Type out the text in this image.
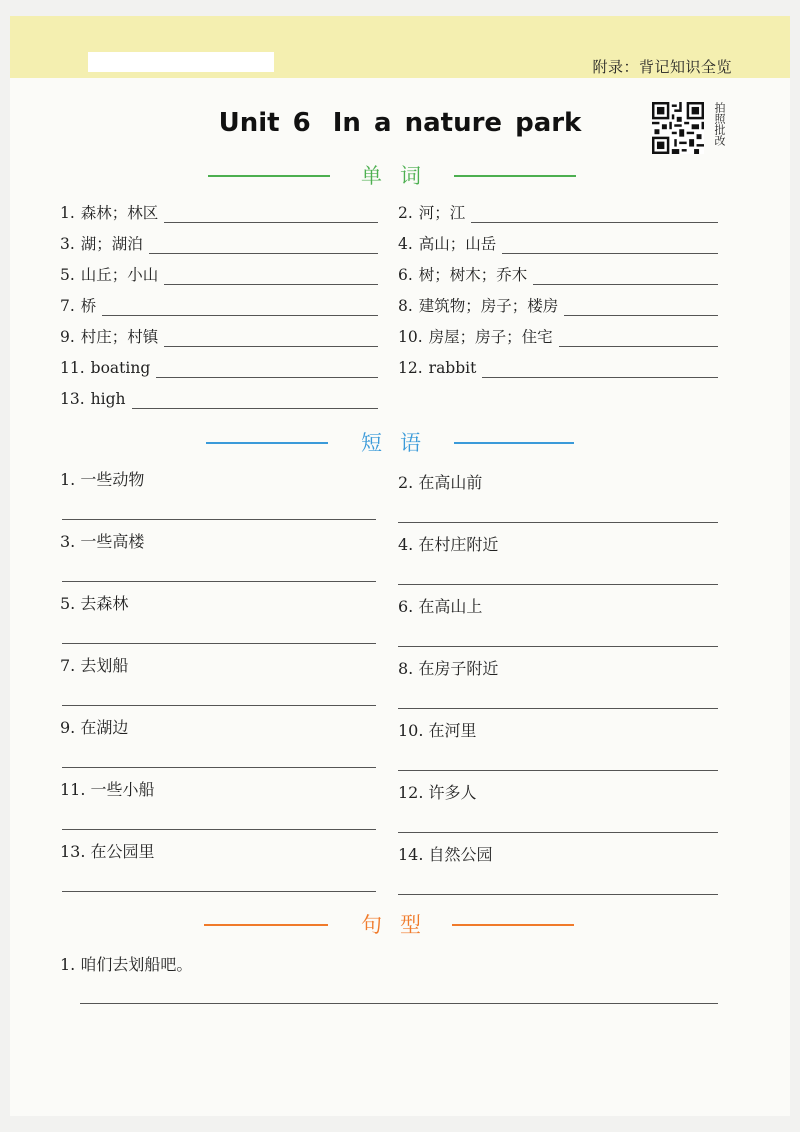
附录：背记知识全览
Unit 6 In a nature park	拍照批改
单词
1. 森林；林区	2. 河；江
3. 湖；湖泊	4. 高山；山岳
5. 山丘；小山	6. 树；树木；乔木
7. 桥	8. 建筑物；房子；楼房
9. 村庄；村镇	10. 房屋；房子；住宅
11. boating	12. rabbit
13. high
短语
1. 一些动物	2. 在高山前
3. 一些高楼	4. 在村庄附近
5. 去森林	6. 在高山上
7. 去划船	8. 在房子附近
9. 在湖边	10. 在河里
11. 一些小船	12. 许多人
13. 在公园里	14. 自然公园
句型
1. 咱们去划船吧。
